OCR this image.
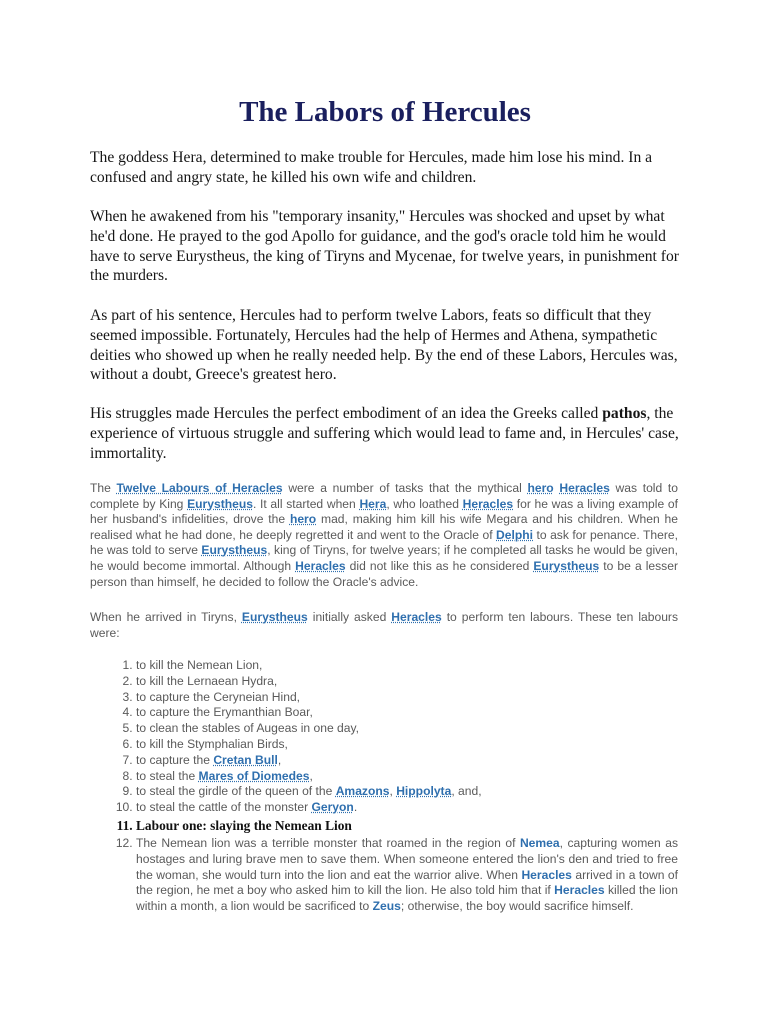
The Labors of Hercules

The goddess Hera, determined to make trouble for Hercules, made him lose his mind. In a confused and angry state, he killed his own wife and children.

When he awakened from his "temporary insanity," Hercules was shocked and upset by what he'd done. He prayed to the god Apollo for guidance, and the god's oracle told him he would have to serve Eurystheus, the king of Tiryns and Mycenae, for twelve years, in punishment for the murders.

As part of his sentence, Hercules had to perform twelve Labors, feats so difficult that they seemed impossible. Fortunately, Hercules had the help of Hermes and Athena, sympathetic deities who showed up when he really needed help. By the end of these Labors, Hercules was, without a doubt, Greece's greatest hero.

His struggles made Hercules the perfect embodiment of an idea the Greeks called pathos, the experience of virtuous struggle and suffering which would lead to fame and, in Hercules' case, immortality.

The Twelve Labours of Heracles were a number of tasks that the mythical hero Heracles was told to complete by King Eurystheus. It all started when Hera, who loathed Heracles for he was a living example of her husband's infidelities, drove the hero mad, making him kill his wife Megara and his children. When he realised what he had done, he deeply regretted it and went to the Oracle of Delphi to ask for penance. There, he was told to serve Eurystheus, king of Tiryns, for twelve years; if he completed all tasks he would be given, he would become immortal. Although Heracles did not like this as he considered Eurystheus to be a lesser person than himself, he decided to follow the Oracle's advice.

When he arrived in Tiryns, Eurystheus initially asked Heracles to perform ten labours. These ten labours were:

1. to kill the Nemean Lion,
2. to kill the Lernaean Hydra,
3. to capture the Ceryneian Hind,
4. to capture the Erymanthian Boar,
5. to clean the stables of Augeas in one day,
6. to kill the Stymphalian Birds,
7. to capture the Cretan Bull,
8. to steal the Mares of Diomedes,
9. to steal the girdle of the queen of the Amazons, Hippolyta, and,
10. to steal the cattle of the monster Geryon.
11. Labour one: slaying the Nemean Lion
12. The Nemean lion was a terrible monster that roamed in the region of Nemea, capturing women as hostages and luring brave men to save them. When someone entered the lion's den and tried to free the woman, she would turn into the lion and eat the warrior alive. When Heracles arrived in a town of the region, he met a boy who asked him to kill the lion. He also told him that if Heracles killed the lion within a month, a lion would be sacrificed to Zeus; otherwise, the boy would sacrifice himself.
